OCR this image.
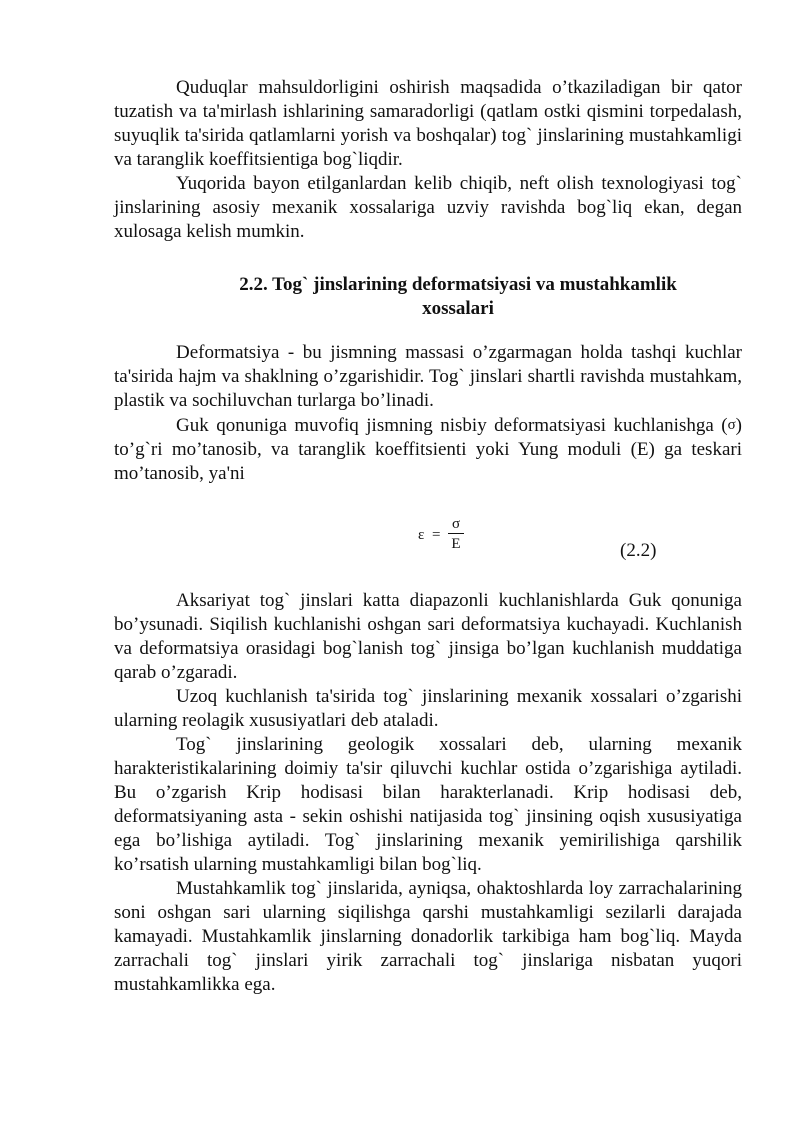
Quduqlar mahsuldorligini oshirish maqsadida o’tkaziladigan bir qator tuzatish va ta'mirlash ishlarining samaradorligi (qatlam ostki qismini torpedalash, suyuqlik ta'sirida qatlamlarni yorish va boshqalar) tog` jinslarining mustahkamligi va taranglik koeffitsientiga bog`liqdir.

Yuqorida bayon etilganlardan kelib chiqib, neft olish texnologiyasi tog` jinslarining asosiy mexanik xossalariga uzviy ravishda bog`liq ekan, degan xulosaga kelish mumkin.

2.2. Tog` jinslarining deformatsiyasi va mustahkamlik
xossalari

Deformatsiya - bu jismning massasi o’zgarmagan holda tashqi kuchlar ta'sirida hajm va shaklning o’zgarishidir. Tog` jinslari shartli ravishda mustahkam, plastik va sochiluvchan turlarga bo’linadi.

Guk qonuniga muvofiq jismning nisbiy deformatsiyasi kuchlanishga (σ) to’g`ri mo’tanosib, va taranglik koeffitsienti yoki Yung moduli (E) ga teskari mo’tanosib, ya'ni

ε =
σ
E	(2.2)

Aksariyat tog` jinslari katta diapazonli kuchlanishlarda Guk qonuniga bo’ysunadi. Siqilish kuchlanishi oshgan sari deformatsiya kuchayadi. Kuchlanish va deformatsiya orasidagi bog`lanish tog` jinsiga bo’lgan kuchlanish muddatiga qarab o’zgaradi.

Uzoq kuchlanish ta'sirida tog` jinslarining mexanik xossalari o’zgarishi ularning reolagik xususiyatlari deb ataladi.

Tog` jinslarining geologik xossalari deb, ularning mexanik harakteristikalarining doimiy ta'sir qiluvchi kuchlar ostida o’zgarishiga aytiladi. Bu o’zgarish Krip hodisasi bilan harakterlanadi. Krip hodisasi deb, deformatsiyaning asta - sekin oshishi natijasida tog` jinsining oqish xususiyatiga ega bo’lishiga aytiladi. Tog` jinslarining mexanik yemirilishiga qarshilik ko’rsatish ularning mustahkamligi bilan bog`liq.

Mustahkamlik tog` jinslarida, ayniqsa, ohaktoshlarda loy zarrachalarining soni oshgan sari ularning siqilishga qarshi mustahkamligi sezilarli darajada kamayadi. Mustahkamlik jinslarning donadorlik tarkibiga ham bog`liq. Mayda zarrachali tog` jinslari yirik zarrachali tog` jinslariga nisbatan yuqori mustahkamlikka ega.
